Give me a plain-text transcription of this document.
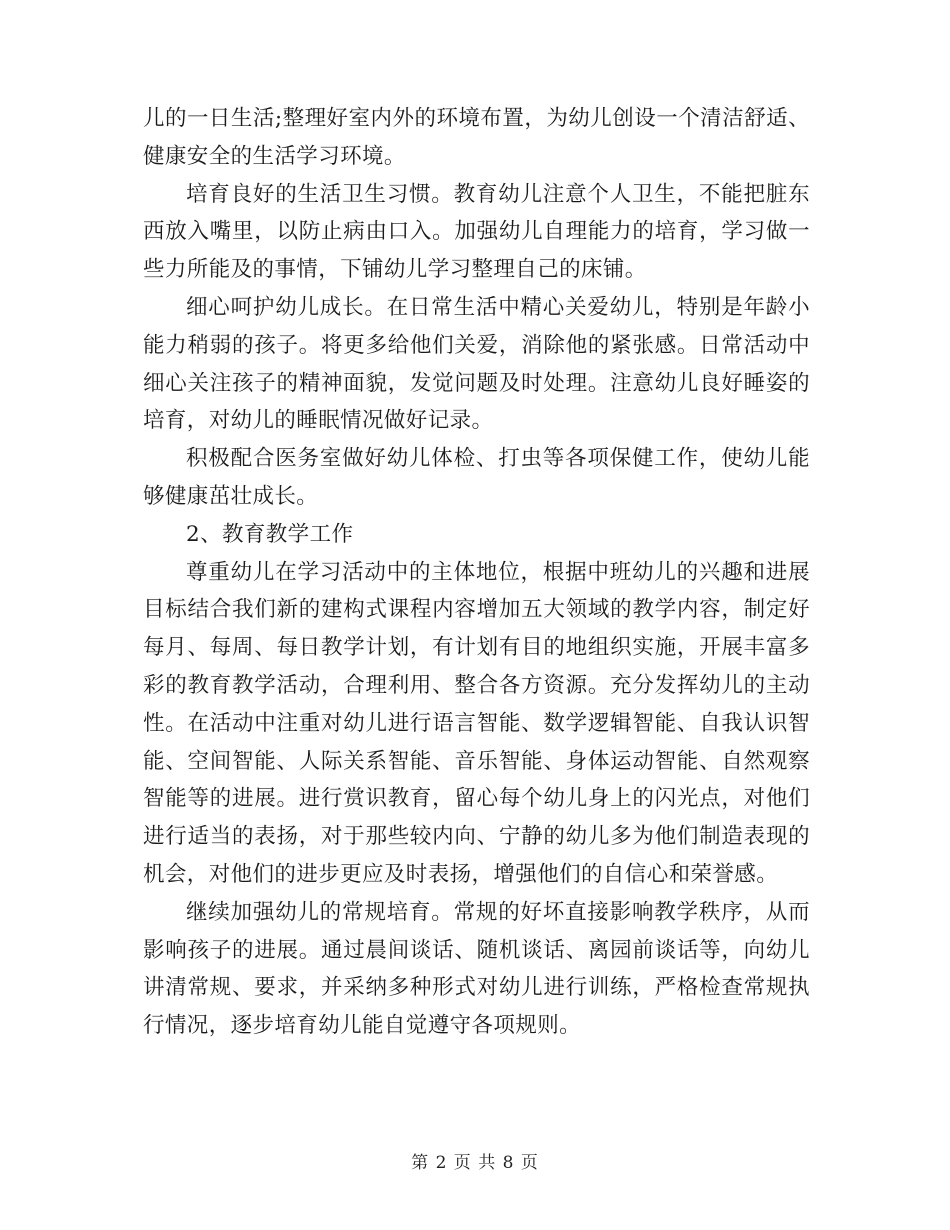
儿的一日生活;整理好室内外的环境布置，为幼儿创设一个清洁舒适、健康安全的生活学习环境。

培育良好的生活卫生习惯。教育幼儿注意个人卫生，不能把脏东西放入嘴里，以防止病由口入。加强幼儿自理能力的培育，学习做一些力所能及的事情，下铺幼儿学习整理自己的床铺。

细心呵护幼儿成长。在日常生活中精心关爱幼儿，特别是年龄小能力稍弱的孩子。将更多给他们关爱，消除他的紧张感。日常活动中细心关注孩子的精神面貌，发觉问题及时处理。注意幼儿良好睡姿的培育，对幼儿的睡眠情况做好记录。

积极配合医务室做好幼儿体检、打虫等各项保健工作，使幼儿能够健康茁壮成长。

2、教育教学工作

尊重幼儿在学习活动中的主体地位，根据中班幼儿的兴趣和进展目标结合我们新的建构式课程内容增加五大领域的教学内容，制定好每月、每周、每日教学计划，有计划有目的地组织实施，开展丰富多彩的教育教学活动，合理利用、整合各方资源。充分发挥幼儿的主动性。在活动中注重对幼儿进行语言智能、数学逻辑智能、自我认识智能、空间智能、人际关系智能、音乐智能、身体运动智能、自然观察智能等的进展。进行赏识教育，留心每个幼儿身上的闪光点，对他们进行适当的表扬，对于那些较内向、宁静的幼儿多为他们制造表现的机会，对他们的进步更应及时表扬，增强他们的自信心和荣誉感。

继续加强幼儿的常规培育。常规的好坏直接影响教学秩序，从而影响孩子的进展。通过晨间谈话、随机谈话、离园前谈话等，向幼儿讲清常规、要求，并采纳多种形式对幼儿进行训练，严格检查常规执行情况，逐步培育幼儿能自觉遵守各项规则。

第 2 页 共 8 页
